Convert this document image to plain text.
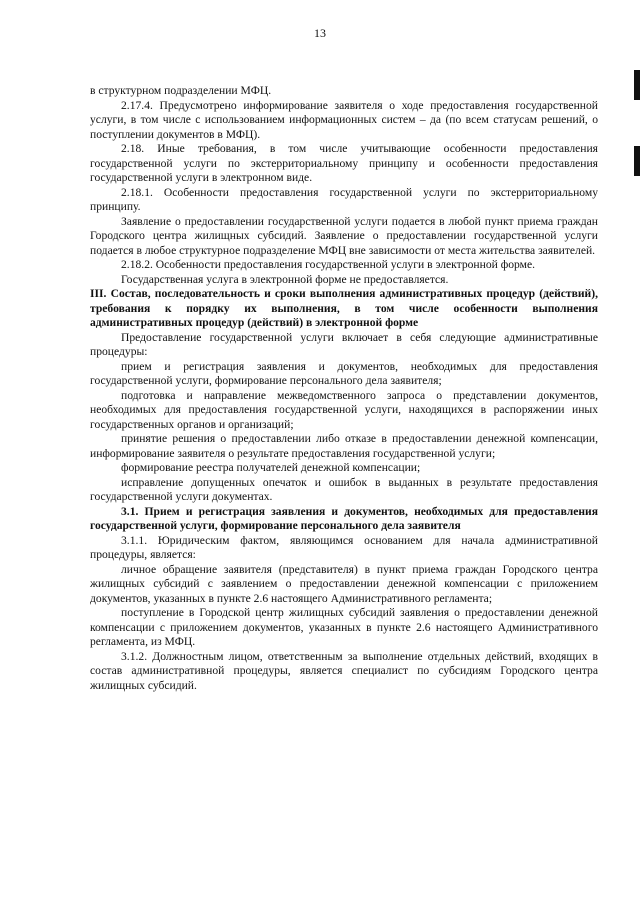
13

в структурном подразделении МФЦ.

2.17.4. Предусмотрено информирование заявителя о ходе предоставления государственной услуги, в том числе с использованием информационных систем – да (по всем статусам решений, о поступлении документов в МФЦ).

2.18. Иные требования, в том числе учитывающие особенности предоставления государственной услуги по экстерриториальному принципу и особенности предоставления государственной услуги в электронном виде.

2.18.1. Особенности предоставления государственной услуги по экстерриториальному принципу.

Заявление о предоставлении государственной услуги подается в любой пункт приема граждан Городского центра жилищных субсидий. Заявление о предоставлении государственной услуги подается в любое структурное подразделение МФЦ вне зависимости от места жительства заявителей.

2.18.2. Особенности предоставления государственной услуги в электронной форме.

Государственная услуга в электронной форме не предоставляется.

III. Состав, последовательность и сроки выполнения административных процедур (действий), требования к порядку их выполнения, в том числе особенности выполнения административных процедур (действий) в электронной форме

Предоставление государственной услуги включает в себя следующие административные процедуры:

прием и регистрация заявления и документов, необходимых для предоставления государственной услуги, формирование персонального дела заявителя;

подготовка и направление межведомственного запроса о представлении документов, необходимых для предоставления государственной услуги, находящихся в распоряжении иных государственных органов и организаций;

принятие решения о предоставлении либо отказе в предоставлении денежной компенсации, информирование заявителя о результате предоставления государственной услуги;

формирование реестра получателей денежной компенсации;

исправление допущенных опечаток и ошибок в выданных в результате предоставления государственной услуги документах.

3.1. Прием и регистрация заявления и документов, необходимых для предоставления государственной услуги, формирование персонального дела заявителя

3.1.1. Юридическим фактом, являющимся основанием для начала административной процедуры, является:

личное обращение заявителя (представителя) в пункт приема граждан Городского центра жилищных субсидий с заявлением о предоставлении денежной компенсации с приложением документов, указанных в пункте 2.6 настоящего Административного регламента;

поступление в Городской центр жилищных субсидий заявления о предоставлении денежной компенсации с приложением документов, указанных в пункте 2.6 настоящего Административного регламента, из МФЦ.

3.1.2. Должностным лицом, ответственным за выполнение отдельных действий, входящих в состав административной процедуры, является специалист по субсидиям Городского центра жилищных субсидий.
